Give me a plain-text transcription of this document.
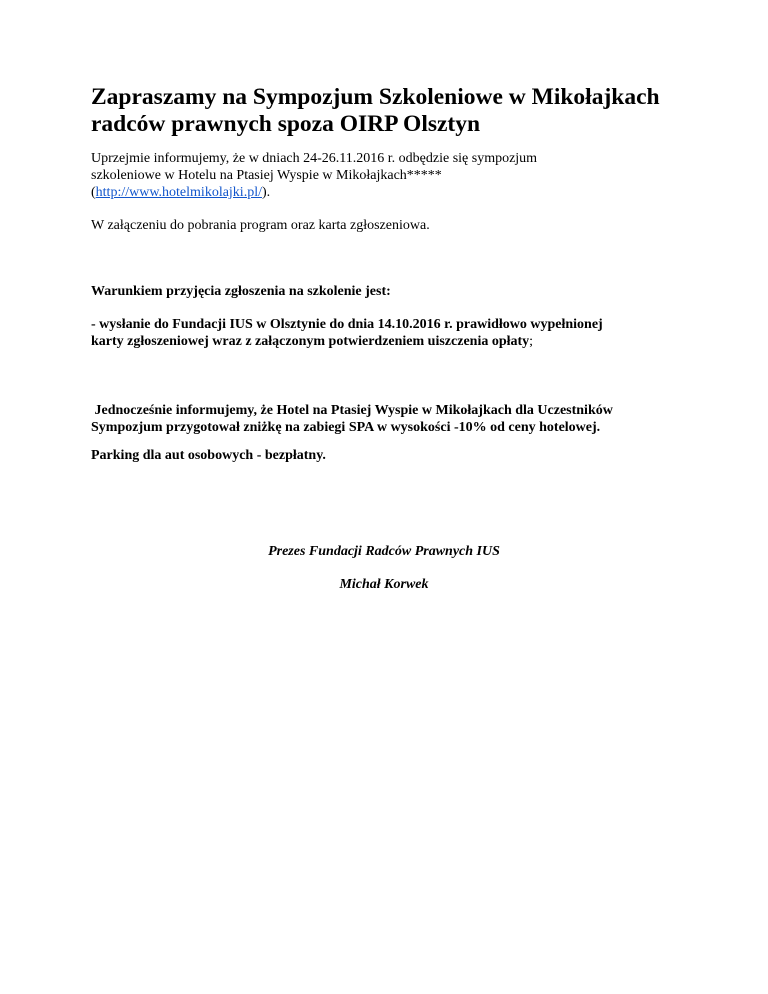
Zapraszamy na Sympozjum Szkoleniowe w Mikołajkach
radców prawnych spoza OIRP Olsztyn

Uprzejmie informujemy, że w dniach 24-26.11.2016 r. odbędzie się sympozjum
szkoleniowe w Hotelu na Ptasiej Wyspie w Mikołajkach*****
(http://www.hotelmikolajki.pl/).

W załączeniu do pobrania program oraz karta zgłoszeniowa.

Warunkiem przyjęcia zgłoszenia na szkolenie jest:

- wysłanie do Fundacji IUS w Olsztynie do dnia 14.10.2016 r. prawidłowo wypełnionej
karty zgłoszeniowej wraz z załączonym potwierdzeniem uiszczenia opłaty;

Jednocześnie informujemy, że Hotel na Ptasiej Wyspie w Mikołajkach dla Uczestników
Sympozjum przygotował zniżkę na zabiegi SPA w wysokości -10% od ceny hotelowej.

Parking dla aut osobowych - bezpłatny.

Prezes Fundacji Radców Prawnych IUS

Michał Korwek
